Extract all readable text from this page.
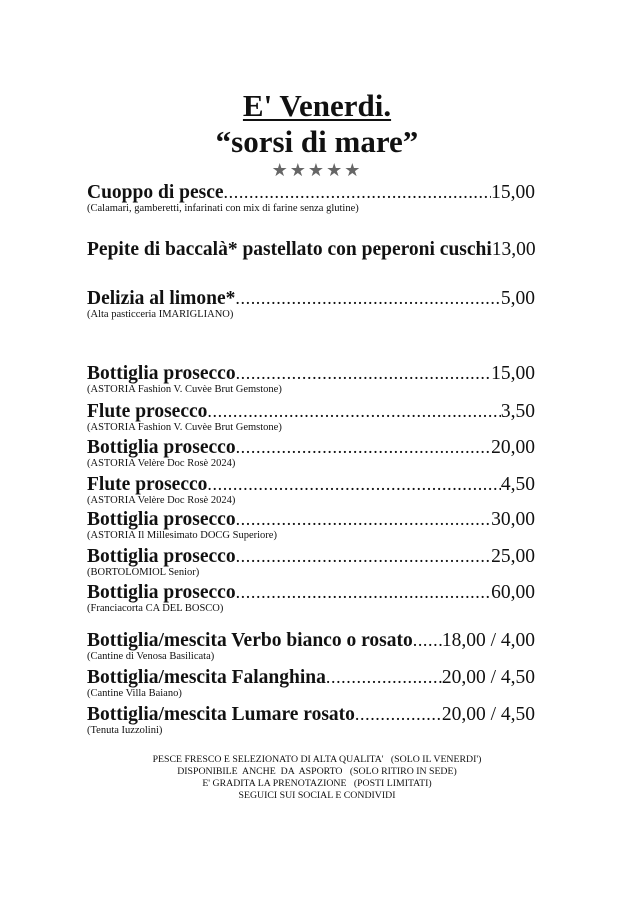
E' Venerdi.
“sorsi di mare”
★★★★★
Cuoppo di pesce .....	15,00
(Calamari, gamberetti, infarinati con mix di farine senza glutine)
Pepite di baccalà* pastellato con peperoni cuschi 13,00
Delizia al limone* .....	5,00
(Alta pasticceria IMARIGLIANO)
Bottiglia prosecco .....	15,00
(ASTORIA Fashion V. Cuvèe Brut Gemstone)
Flute prosecco .....	3,50
(ASTORIA Fashion V. Cuvèe Brut Gemstone)
Bottiglia prosecco .....	20,00
(ASTORIA Velère Doc Rosè 2024)
Flute prosecco .....	4,50
(ASTORIA Velère Doc Rosè 2024)
Bottiglia prosecco .....	30,00
(ASTORIA Il Millesimato DOCG Superiore)
Bottiglia prosecco .....	25,00
(BORTOLOMIOL Senior)
Bottiglia prosecco .....	60,00
(Franciacorta CA DEL BOSCO)
Bottiglia/mescita Verbo bianco o rosato ..... 18,00 / 4,00
(Cantine di Venosa Basilicata)
Bottiglia/mescita Falanghina .....	20,00 / 4,50
(Cantine Villa Baiano)
Bottiglia/mescita Lumare rosato .....	20,00 / 4,50
(Tenuta Iuzzolini)
PESCE FRESCO E SELEZIONATO DI ALTA QUALITA'   (SOLO IL VENERDI')
DISPONIBILE  ANCHE  DA  ASPORTO   (SOLO RITIRO IN SEDE)
E' GRADITA LA PRENOTAZIONE   (POSTI LIMITATI)
SEGUICI SUI SOCIAL E CONDIVIDI
